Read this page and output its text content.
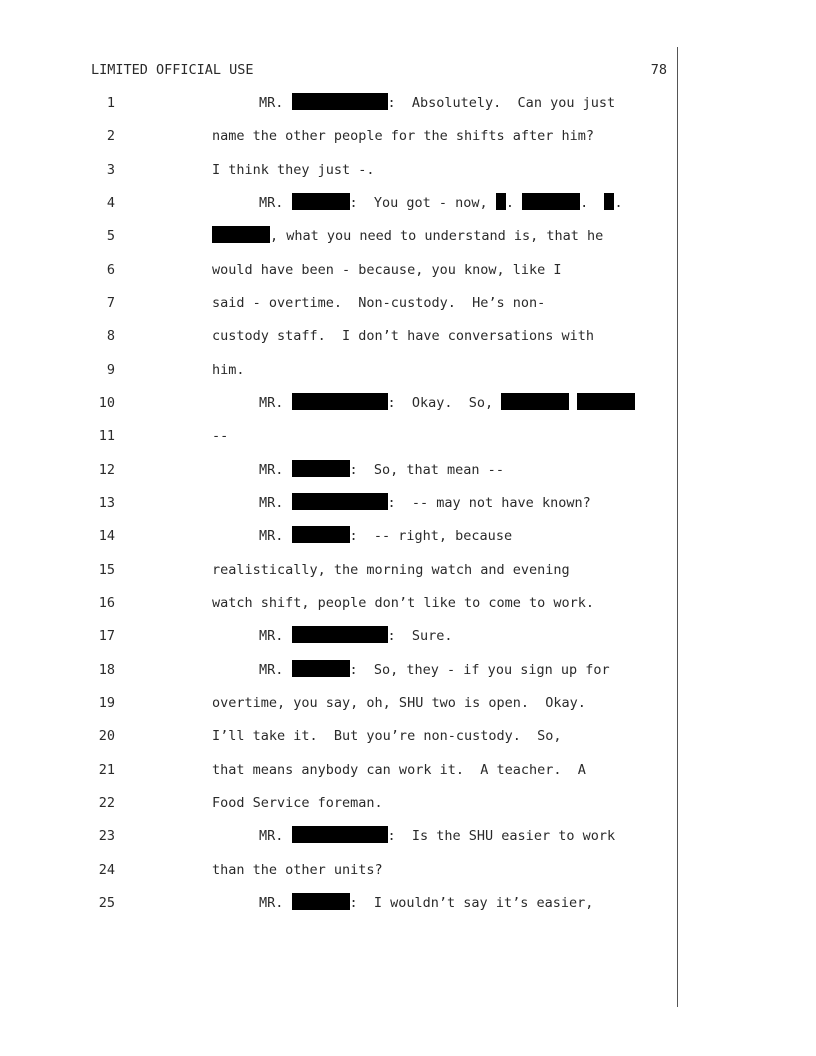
LIMITED OFFICIAL USE	78
1	MR.	:  Absolutely.  Can you just
2	name the other people for the shifts after him?
3	I think they just -.
4	MR.	:  You got - now, .	.  .
5	, what you need to understand is, that he
6	would have been - because, you know, like I
7	said - overtime.  Non-custody.  He’s non-
8	custody staff.  I don’t have conversations with
9	him.
10	MR.	:  Okay.  So,
11	--
12	MR.	:  So, that mean --
13	MR.	:  -- may not have known?
14	MR.	:  -- right, because
15	realistically, the morning watch and evening
16	watch shift, people don’t like to come to work.
17	MR.	:  Sure.
18	MR.	:  So, they - if you sign up for
19	overtime, you say, oh, SHU two is open.  Okay.
20	I’ll take it.  But you’re non-custody.  So,
21	that means anybody can work it.  A teacher.  A
22	Food Service foreman.
23	MR.	:  Is the SHU easier to work
24	than the other units?
25	MR.	:  I wouldn’t say it’s easier,
